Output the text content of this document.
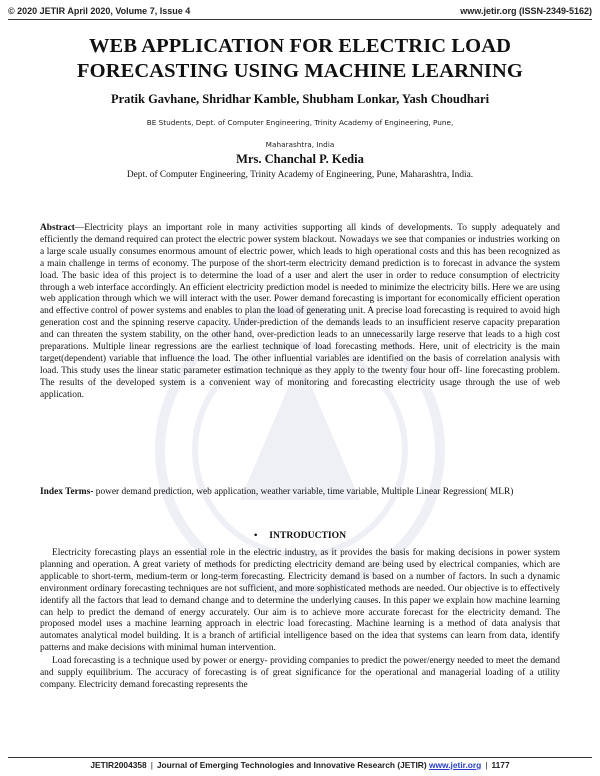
© 2020 JETIR April 2020, Volume 7, Issue 4	www.jetir.org (ISSN-2349-5162)
WEB APPLICATION FOR ELECTRIC LOAD
FORECASTING USING MACHINE LEARNING
Pratik Gavhane, Shridhar Kamble, Shubham Lonkar, Yash Choudhari
BE Students, Dept. of Computer Engineering, Trinity Academy of Engineering, Pune,
Maharashtra, India
Mrs. Chanchal P. Kedia
Dept. of Computer Engineering, Trinity Academy of Engineering, Pune, Maharashtra, India.
Abstract—Electricity plays an important role in many activities supporting all kinds of developments. To supply adequately and efficiently the demand required can protect the electric power system blackout. Nowadays we see that companies or industries working on a large scale usually consumes enormous amount of electric power, which leads to high operational costs and this has been recognized as a main challenge in terms of economy. The purpose of the short-term electricity demand prediction is to forecast in advance the system load. The basic idea of this project is to determine the load of a user and alert the user in order to reduce consumption of electricity through a web interface accordingly. An efficient electricity prediction model is needed to minimize the electricity bills. Here we are using web application through which we will interact with the user. Power demand forecasting is important for economically efficient operation and effective control of power systems and enables to plan the load of generating unit. A precise load forecasting is required to avoid high generation cost and the spinning reserve capacity. Under-prediction of the demands leads to an insufficient reserve capacity preparation and can threaten the system stability, on the other hand, over-prediction leads to an unnecessarily large reserve that leads to a high cost preparations. Multiple linear regressions are the earliest technique of load forecasting methods. Here, unit of electricity is the main target(dependent) variable that influence the load. The other influential variables are identified on the basis of correlation analysis with load. This study uses the linear static parameter estimation technique as they apply to the twenty four hour off- line forecasting problem. The results of the developed system is a convenient way of monitoring and forecasting electricity usage through the use of web application.
Index Terms- power demand prediction, web application, weather variable, time variable, Multiple Linear Regression( MLR)
• INTRODUCTION

Electricity forecasting plays an essential role in the electric industry, as it provides the basis for making decisions in power system planning and operation. A great variety of methods for predicting electricity demand are being used by electrical companies, which are applicable to short-term, medium-term or long-term forecasting. Electricity demand is based on a number of factors. In such a dynamic environment ordinary forecasting techniques are not sufficient, and more sophisticated methods are needed. Our objective is to effectively identify all the factors that lead to demand change and to determine the underlying causes. In this paper we explain how machine learning can help to predict the demand of energy accurately. Our aim is to achieve more accurate forecast for the electricity demand. The proposed model uses a machine learning approach in electric load forecasting. Machine learning is a method of data analysis that automates analytical model building. It is a branch of artificial intelligence based on the idea that systems can learn from data, identify patterns and make decisions with minimal human intervention.

Load forecasting is a technique used by power or energy- providing companies to predict the power/energy needed to meet the demand and supply equilibrium. The accuracy of forecasting is of great significance for the operational and managerial loading of a utility company. Electricity demand forecasting represents the

JETIR2004358 | Journal of Emerging Technologies and Innovative Research (JETIR) www.jetir.org | 1177
